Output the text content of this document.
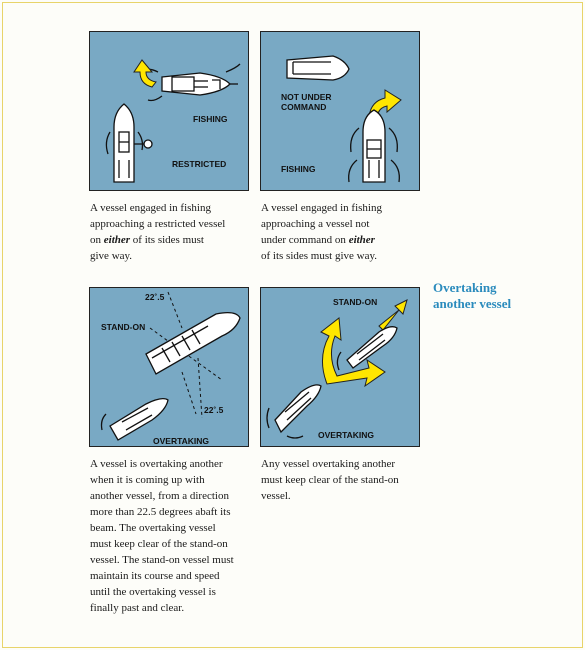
FISHING
RESTRICTED
NOT UNDER
COMMAND
FISHING
22˚.5
STAND-ON
22˚.5
OVERTAKING
STAND-ON
OVERTAKING

A vessel engaged in fishing

approaching a restricted vessel

on either of its sides must

give way.

A vessel engaged in fishing

approaching a vessel not

under command on either

of its sides must give way.

A vessel is overtaking another

when it is coming up with

another vessel, from a direction

more than 22.5 degrees abaft its

beam. The overtaking vessel

must keep clear of the stand-on

vessel. The stand-on vessel must

maintain its course and speed

until the overtaking vessel is

finally past and clear.

Any vessel overtaking another

must keep clear of the stand-on

vessel.

Overtaking
another vessel
